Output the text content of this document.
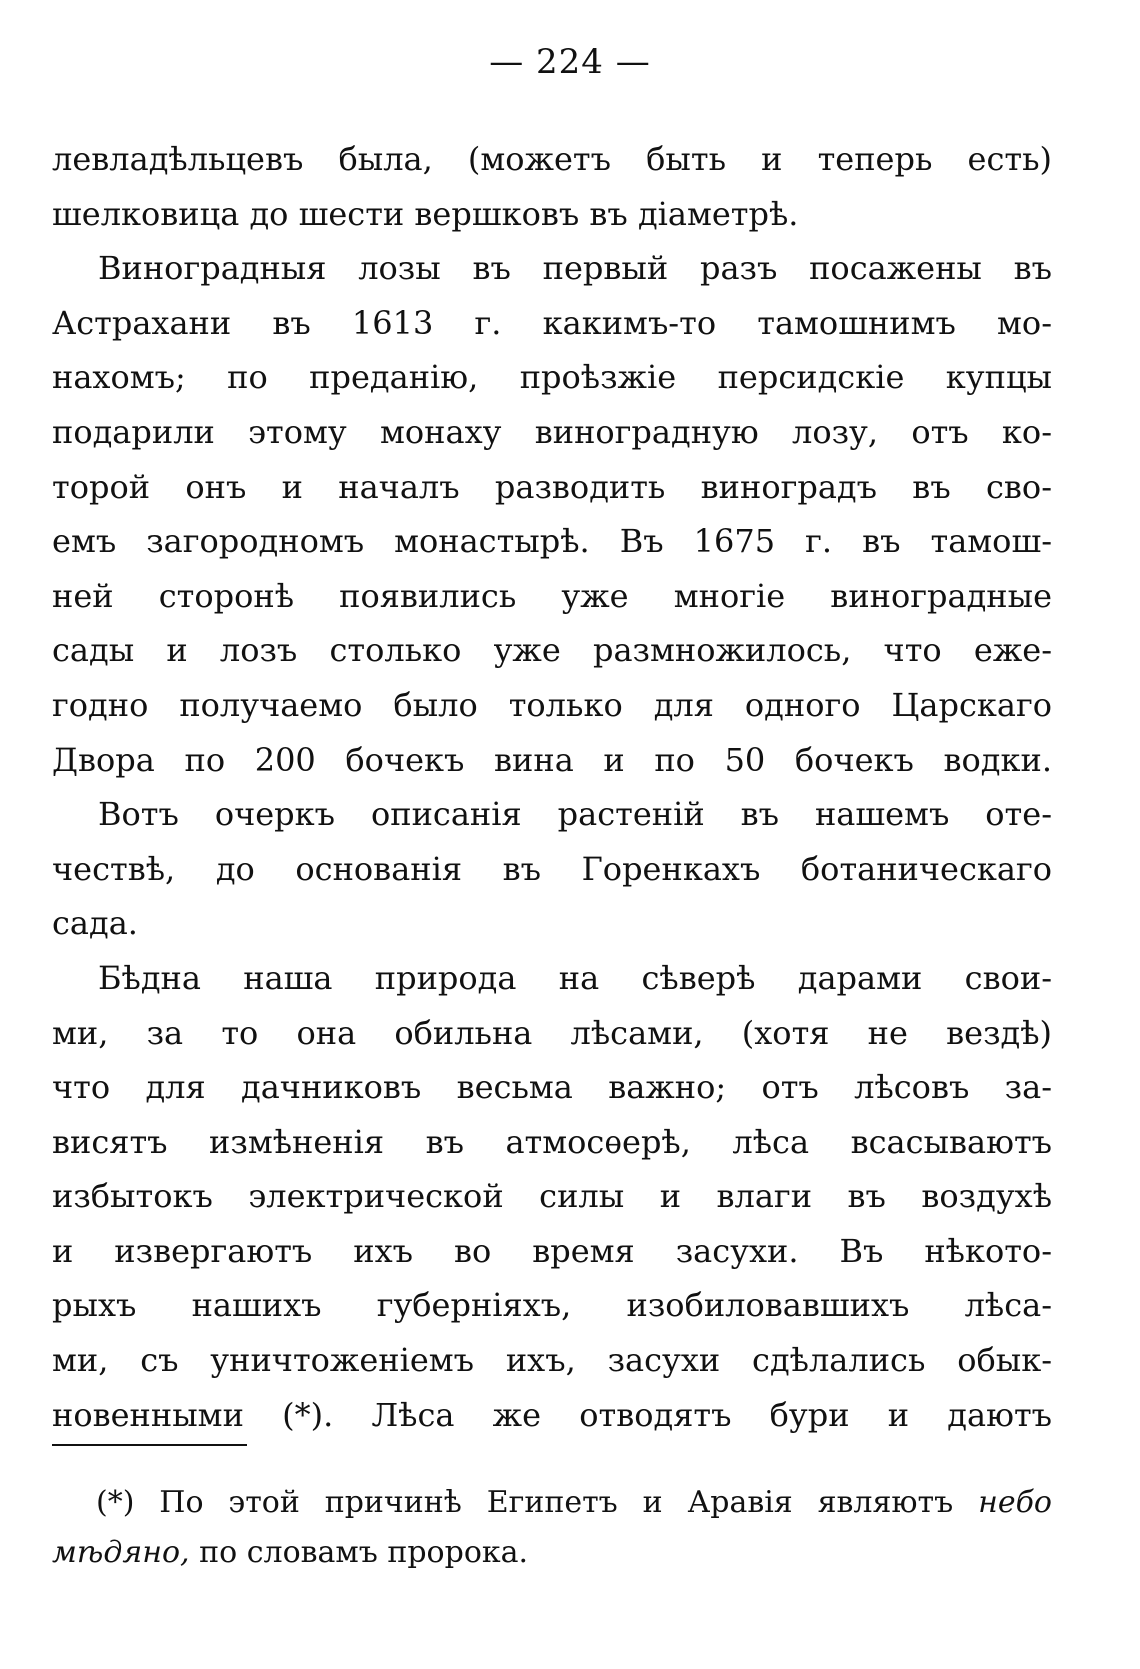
— 224 —
левладѣльцевъ была, (можетъ быть и теперь есть)
шелковица до шести вершковъ въ діаметрѣ.
Виноградныя лозы въ первый разъ посажены въ
Астрахани въ 1613 г. какимъ-то тамошнимъ мо-
нахомъ; по преданію, проѣзжіе персидскіе купцы
подарили этому монаху виноградную лозу, отъ ко-
торой онъ и началъ разводить виноградъ въ сво-
емъ загородномъ монастырѣ. Въ 1675 г. въ тамош-
ней сторонѣ появились уже многіе виноградные
сады и лозъ столько уже размножилось, что еже-
годно получаемо было только для одного Царскаго
Двора по 200 бочекъ вина и по 50 бочекъ водки.
Вотъ очеркъ описанія растеній въ нашемъ оте-
чествѣ, до основанія въ Горенкахъ ботаническаго
сада.
Бѣдна наша природа на сѣверѣ дарами свои-
ми, за то она обильна лѣсами, (хотя не вездѣ)
что для дачниковъ весьма важно; отъ лѣсовъ за-
висятъ измѣненія въ атмосѳерѣ, лѣса всасываютъ
избытокъ электрической силы и влаги въ воздухѣ
и извергаютъ ихъ во время засухи. Въ нѣкото-
рыхъ нашихъ губерніяхъ, изобиловавшихъ лѣса-
ми, съ уничтоженіемъ ихъ, засухи сдѣлались обык-
новенными (*). Лѣса же отводятъ бури и даютъ
(*) По этой причинѣ Египетъ и Аравія являютъ небо
мѣдяно, по словамъ пророка.
